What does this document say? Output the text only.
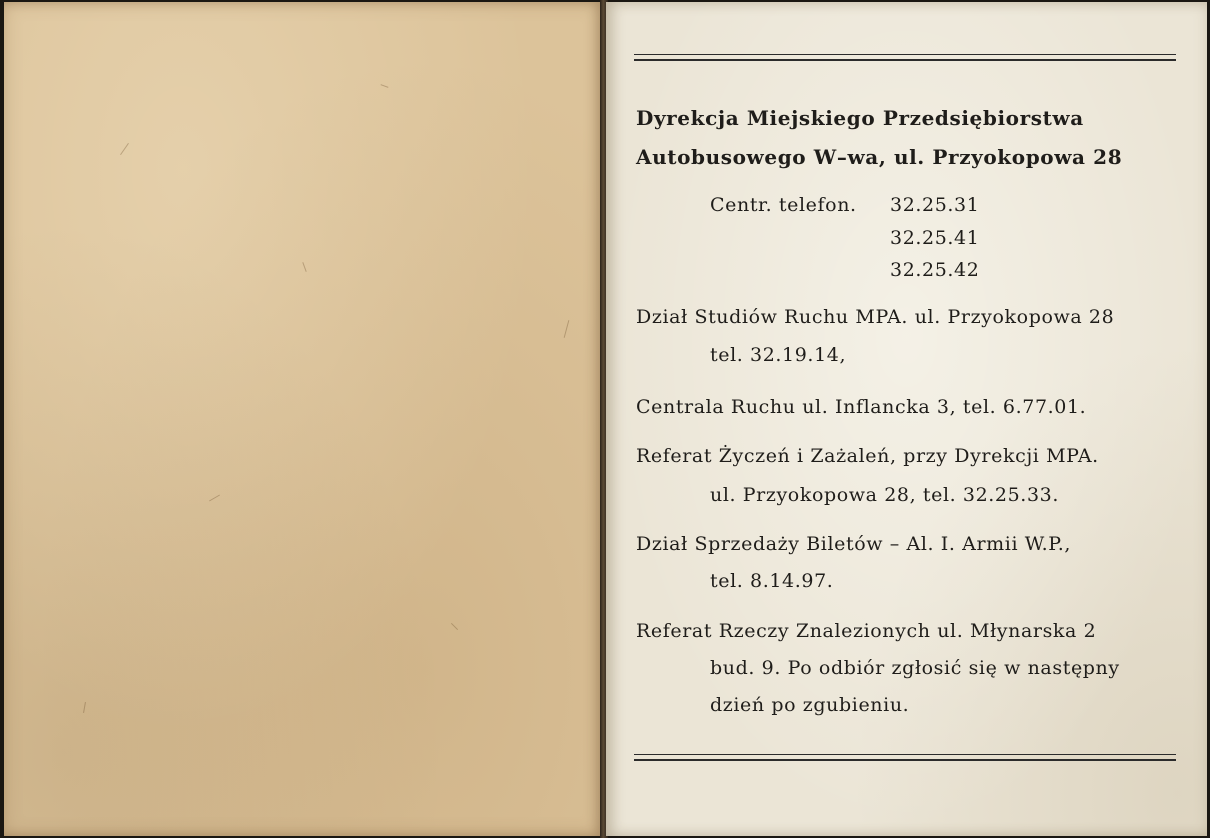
Dyrekcja Miejskiego Przedsiębiorstwa
Autobusowego W–wa, ul. Przyokopowa 28
Centr. telefon. 32.25.31
32.25.41
32.25.42
Dział Studiów Ruchu MPA. ul. Przyokopowa 28
tel. 32.19.14,
Centrala Ruchu ul. Inflancka 3, tel. 6.77.01.
Referat Życzeń i Zażaleń, przy Dyrekcji MPA.
ul. Przyokopowa 28, tel. 32.25.33.
Dział Sprzedaży Biletów – Al. I. Armii W.P.,
tel. 8.14.97.
Referat Rzeczy Znalezionych ul. Młynarska 2
bud. 9. Po odbiór zgłosić się w następny
dzień po zgubieniu.
